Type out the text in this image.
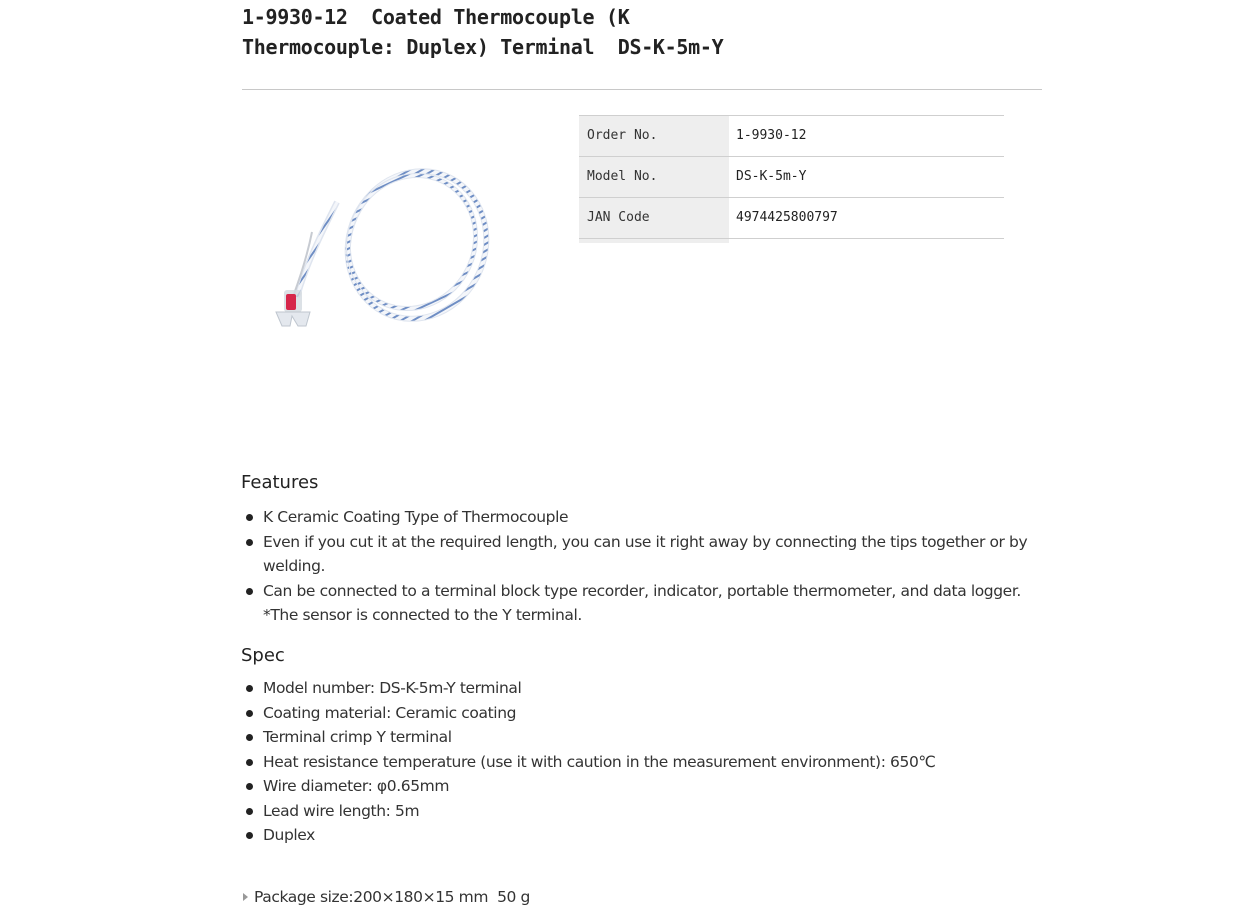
1-9930-12  Coated Thermocouple (K
Thermocouple: Duplex) Terminal  DS-K-5m-Y
Order No.	1-9930-12
Model No.	DS-K-5m-Y
JAN Code	4974425800797
Features
K Ceramic Coating Type of Thermocouple
Even if you cut it at the required length, you can use it right away by connecting the tips together or by welding.
Can be connected to a terminal block type recorder, indicator, portable thermometer, and data logger. *The sensor is connected to the Y terminal.
Spec
Model number: DS-K-5m-Y terminal
Coating material: Ceramic coating
Terminal crimp Y terminal
Heat resistance temperature (use it with caution in the measurement environment): 650℃
Wire diameter: φ0.65mm
Lead wire length: 5m
Duplex
Package size:200×180×15 mm  50 g
